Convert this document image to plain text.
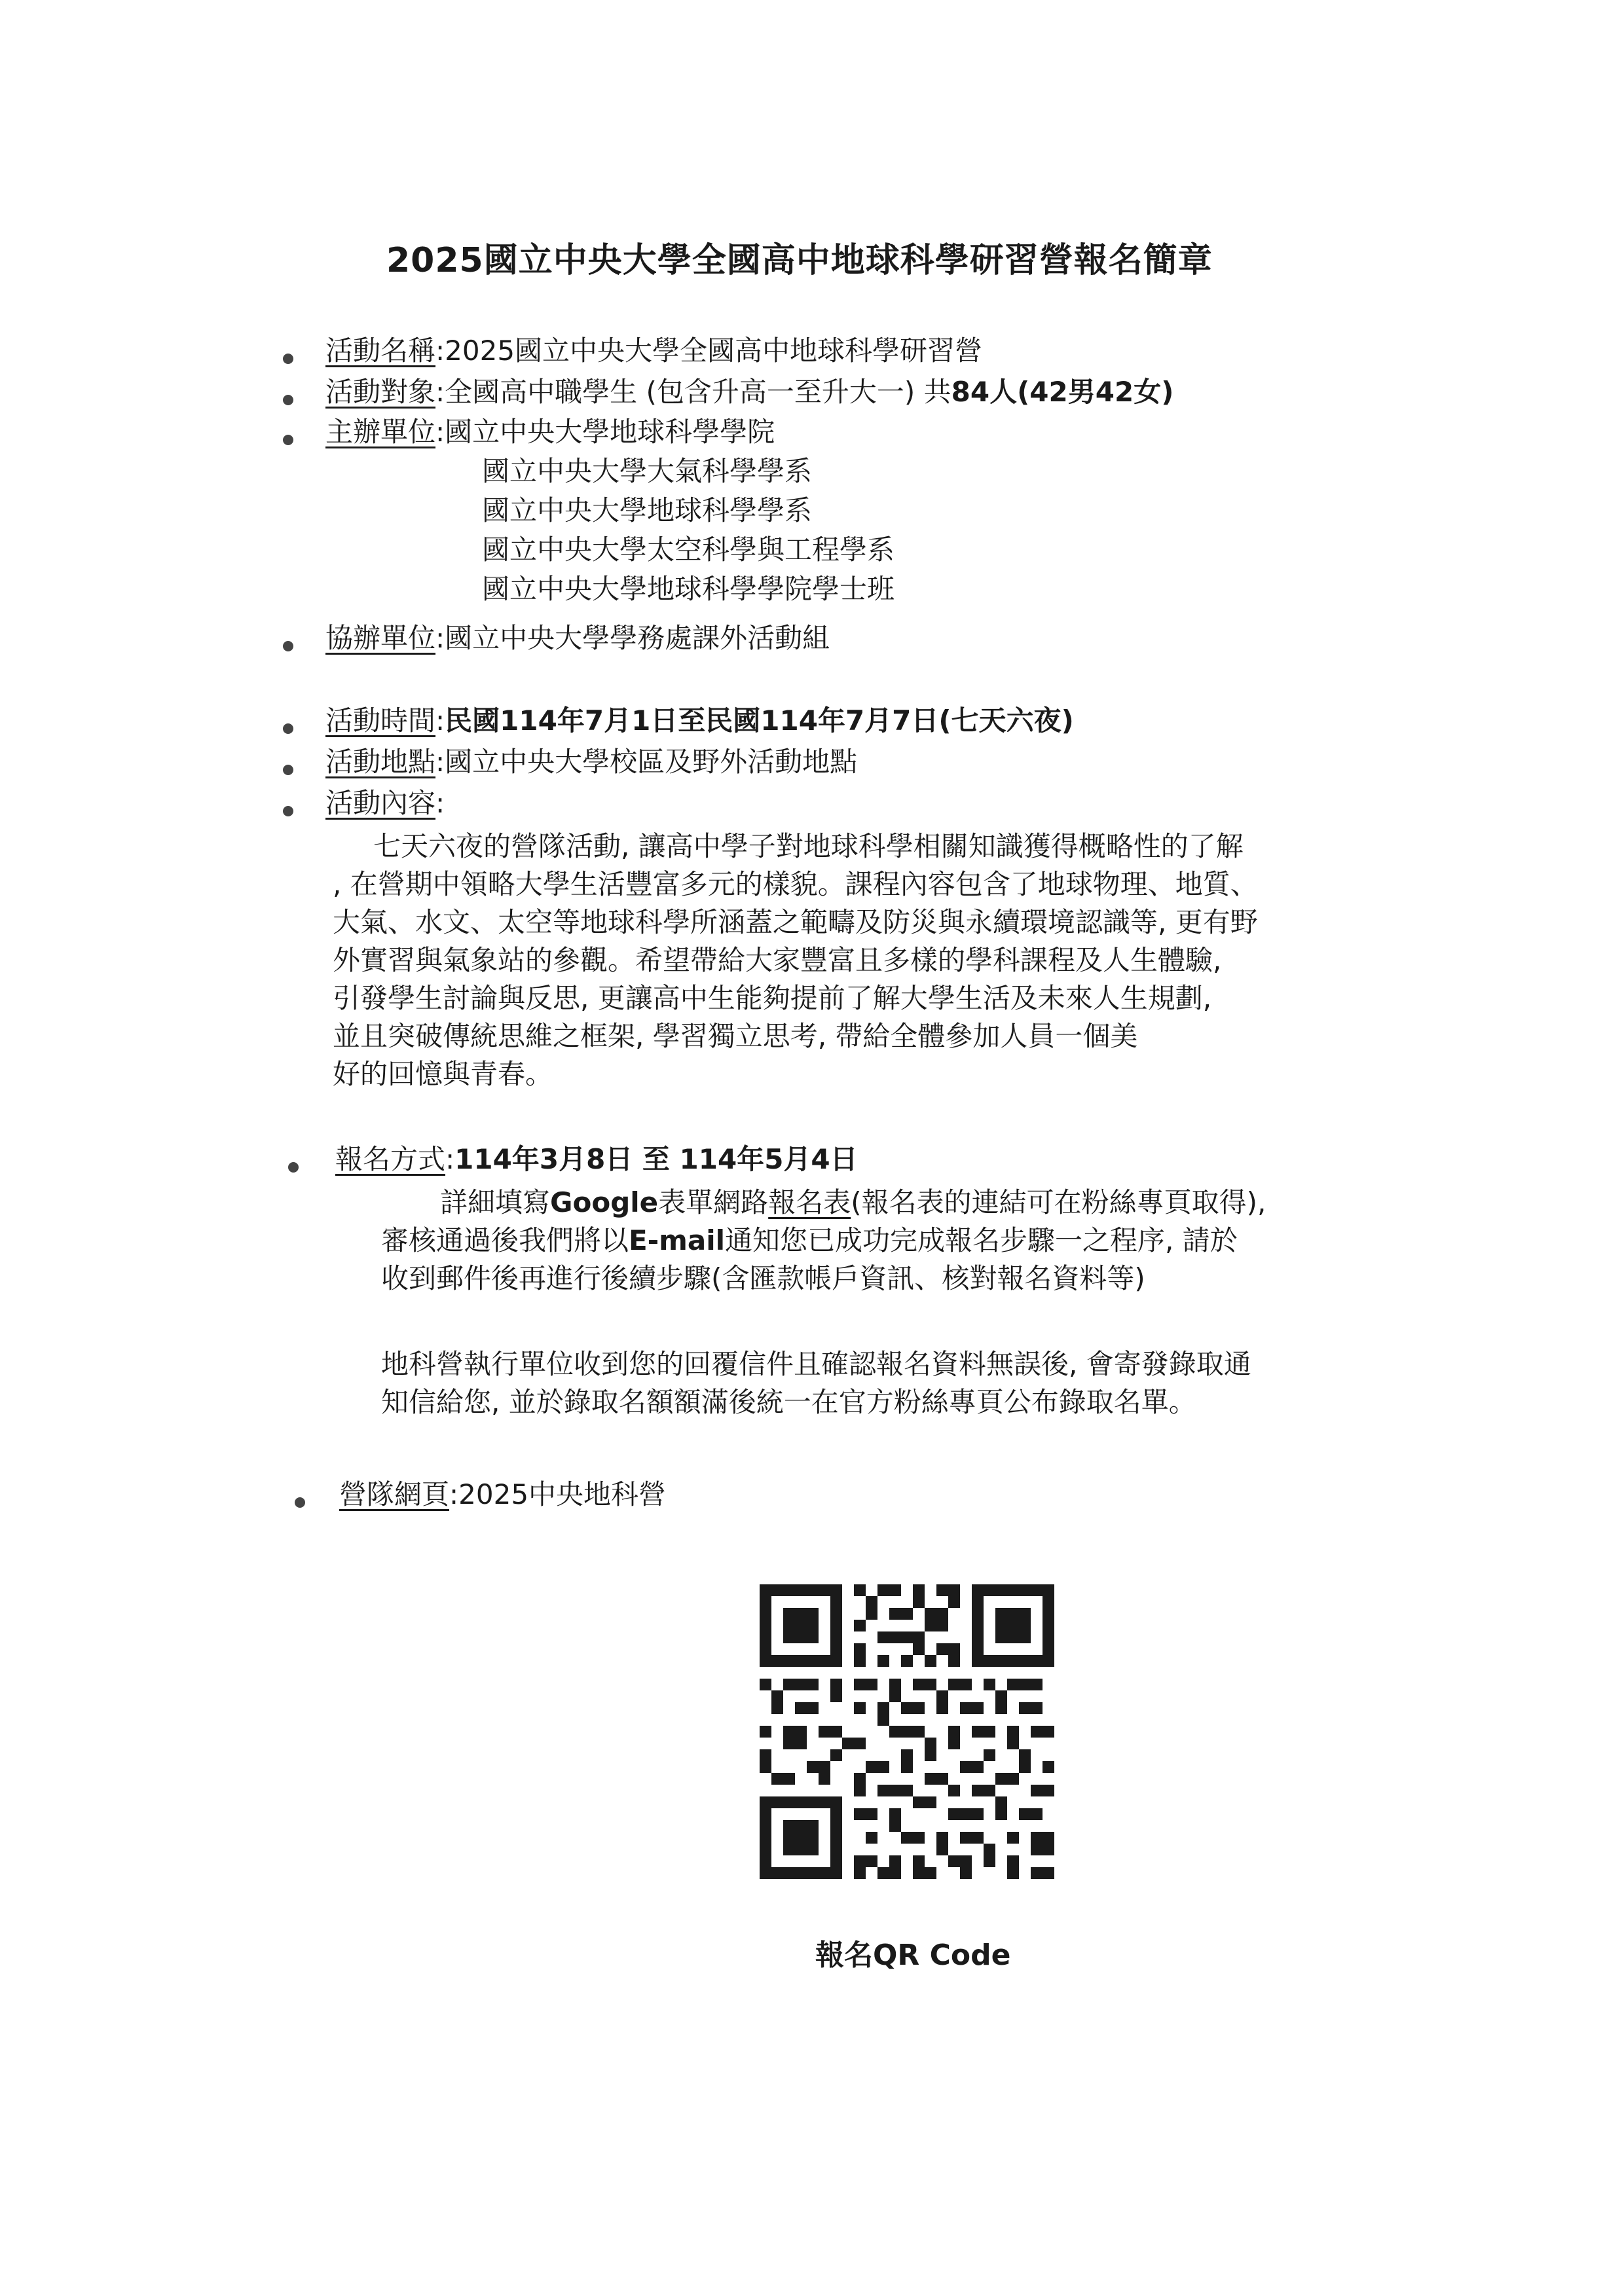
2025國立中央大學全國高中地球科學研習營報名簡章
活動名稱:2025國立中央大學全國高中地球科學研習營
活動對象:全國高中職學生 (包含升高一至升大一) 共84人(42男42女)
主辦單位:國立中央大學地球科學學院
國立中央大學大氣科學學系
國立中央大學地球科學學系
國立中央大學太空科學與工程學系
國立中央大學地球科學學院學士班
協辦單位:國立中央大學學務處課外活動組
活動時間:民國114年7月1日至民國114年7月7日(七天六夜)
活動地點:國立中央大學校區及野外活動地點
活動內容:
七天六夜的營隊活動, 讓高中學子對地球科學相關知識獲得概略性的了解
, 在營期中領略大學生活豐富多元的樣貌。課程內容包含了地球物理、地質、
大氣、水文、太空等地球科學所涵蓋之範疇及防災與永續環境認識等, 更有野
外實習與氣象站的參觀。希望帶給大家豐富且多樣的學科課程及人生體驗,
引發學生討論與反思, 更讓高中生能夠提前了解大學生活及未來人生規劃,
並且突破傳統思維之框架, 學習獨立思考, 帶給全體參加人員一個美
好的回憶與青春。
報名方式:114年3月8日 至 114年5月4日
詳細填寫Google表單網路報名表(報名表的連結可在粉絲專頁取得),
審核通過後我們將以E-mail通知您已成功完成報名步驟一之程序, 請於
收到郵件後再進行後續步驟(含匯款帳戶資訊、核對報名資料等)
地科營執行單位收到您的回覆信件且確認報名資料無誤後, 會寄發錄取通
知信給您, 並於錄取名額額滿後統一在官方粉絲專頁公布錄取名單。
營隊網頁:2025中央地科營
報名QR Code
